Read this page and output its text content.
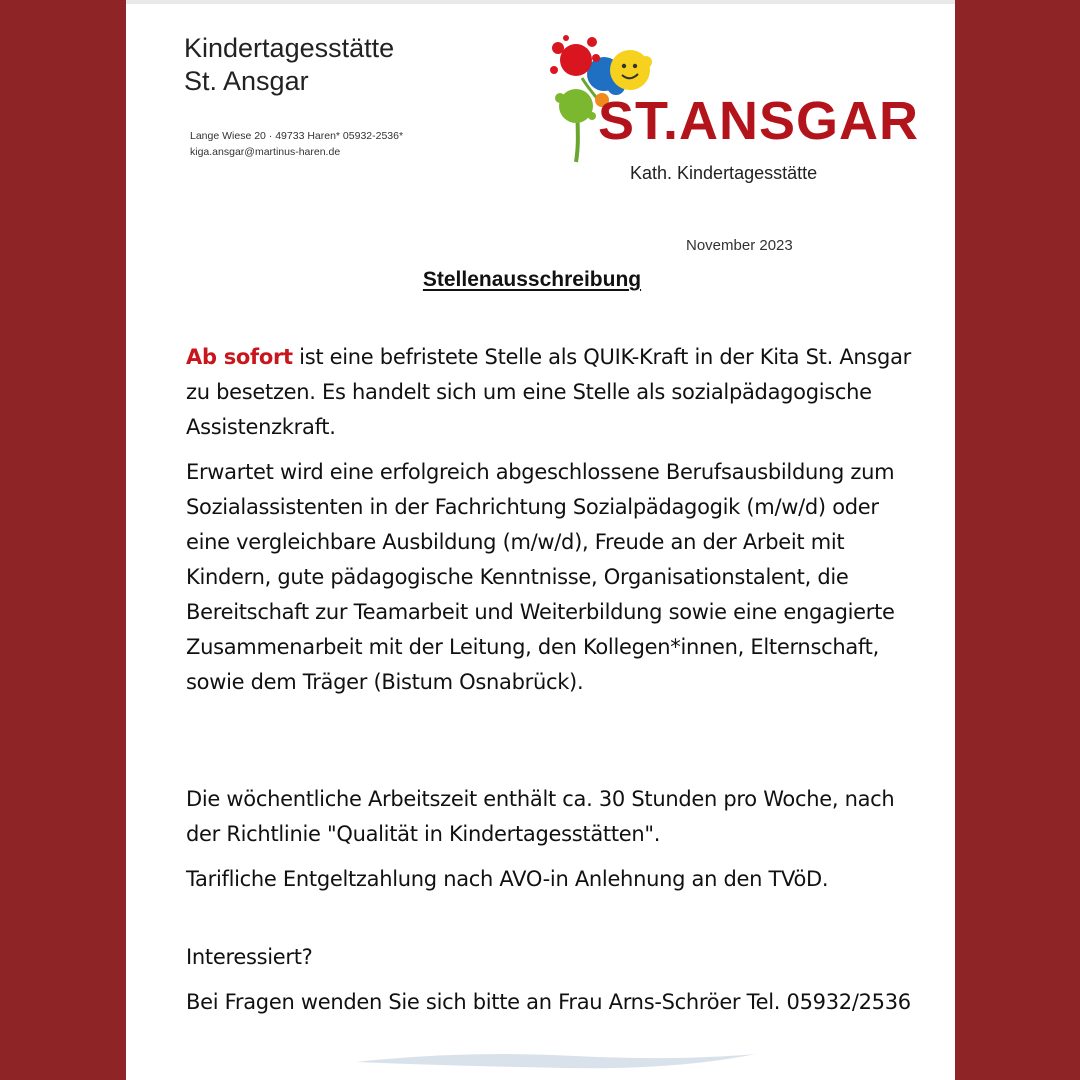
Kindertagesstätte
St. Ansgar
Lange Wiese 20 · 49733 Haren* 05932-2536*
kiga.ansgar@martinus-haren.de
ST.ANSGAR
Kath. Kindertagesstätte
November 2023
Stellenausschreibung

Ab sofort ist eine befristete Stelle als QUIK-Kraft in der Kita St. Ansgar zu besetzen. Es handelt sich um eine Stelle als sozialpädagogische Assistenzkraft.

Erwartet wird eine erfolgreich abgeschlossene Berufsausbildung zum Sozialassistenten in der Fachrichtung Sozialpädagogik (m/w/d) oder eine vergleichbare Ausbildung (m/w/d), Freude an der Arbeit mit Kindern, gute pädagogische Kenntnisse, Organisationstalent, die Bereitschaft zur Teamarbeit und Weiterbildung sowie eine engagierte Zusammenarbeit mit der Leitung, den Kollegen*innen, Elternschaft, sowie dem Träger (Bistum Osnabrück).

Die wöchentliche Arbeitszeit enthält ca. 30 Stunden pro Woche, nach der Richtlinie "Qualität in Kindertagesstätten".

Tarifliche Entgeltzahlung nach AVO-in Anlehnung an den TVöD.

Interessiert?

Bei Fragen wenden Sie sich bitte an Frau Arns-Schröer Tel. 05932/2536
